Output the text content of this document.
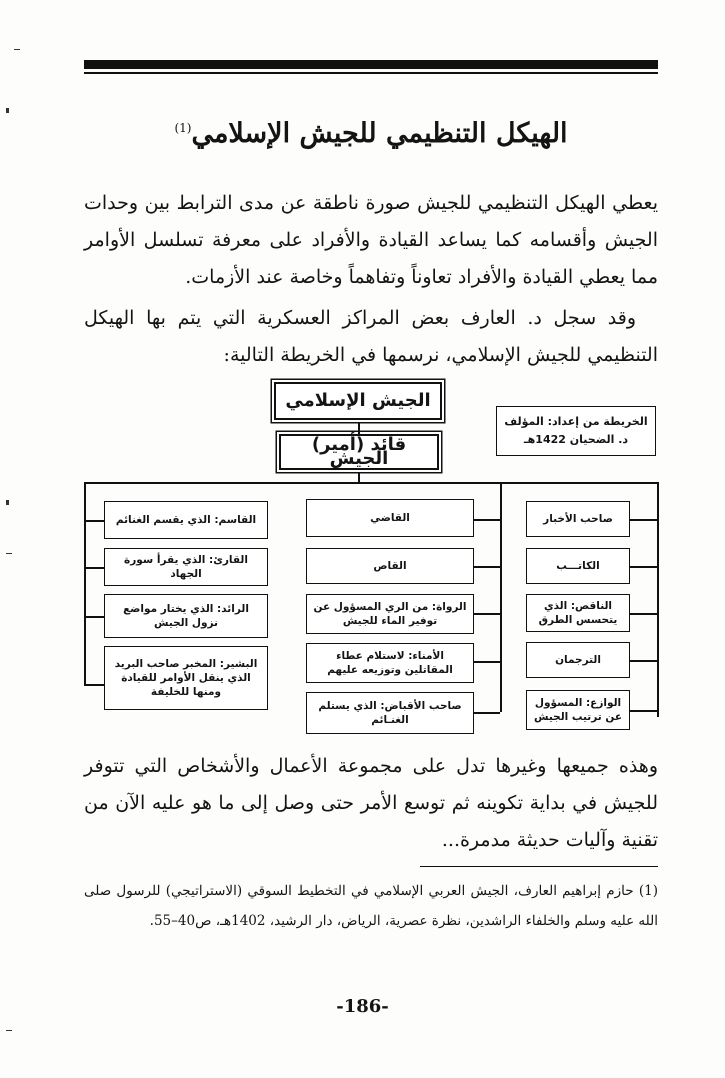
الهيكل التنظيمي للجيش الإسلامي$^{(1)}$
يعطي الهيكل التنظيمي للجيش صورة ناطقة عن مدى الترابط بين وحدات الجيش وأقسامه كما يساعد القيادة والأفراد على معرفة تسلسل الأوامر مما يعطي القيادة والأفراد تعاوناً وتفاهماً وخاصة عند الأزمات.
وقد سجل د. العارف بعض المراكز العسكرية التي يتم بها الهيكل التنظيمي للجيش الإسلامي، نرسمها في الخريطة التالية:
الجيش الإسلامي
قائد (أمير) الجيش
الخريطة من إعداد: المؤلف
د. الضحيان 1422هـ
صاحب الأخبار
الكاتـــب
الناقص: الذي يتحسس الطرق
الترجمان
الوازع: المسؤول عن ترتيب الجيش
القاضي
القاص
الرواة: من الري المسؤول عن توفير الماء للجيش
الأمناء: لاستلام عطاء المقاتلين وتوزيعه عليهم
صاحب الأقباض: الذي يستلم الغنـائم
القاسم: الذي يقسم الغنائم
القارئ: الذي يقرأ سورة الجهاد
الرائد: الذي يختار مواضع نزول الجيش
البشير: المخبر صاحب البريد الذي ينقل الأوامر للقيادة ومنها للخليفة
وهذه جميعها وغيرها تدل على مجموعة الأعمال والأشخاص التي تتوفر للجيش في بداية تكوينه ثم توسع الأمر حتى وصل إلى ما هو عليه الآن من تقنية وآليات حديثة مدمرة...
(1) حازم إبراهيم العارف، الجيش العربي الإسلامي في التخطيط السوقي (الاستراتيجي) للرسول صلى الله عليه وسلم والخلفاء الراشدين، نظرة عصرية، الرياض، دار الرشيد، 1402هـ، ص40–55.
-186-
